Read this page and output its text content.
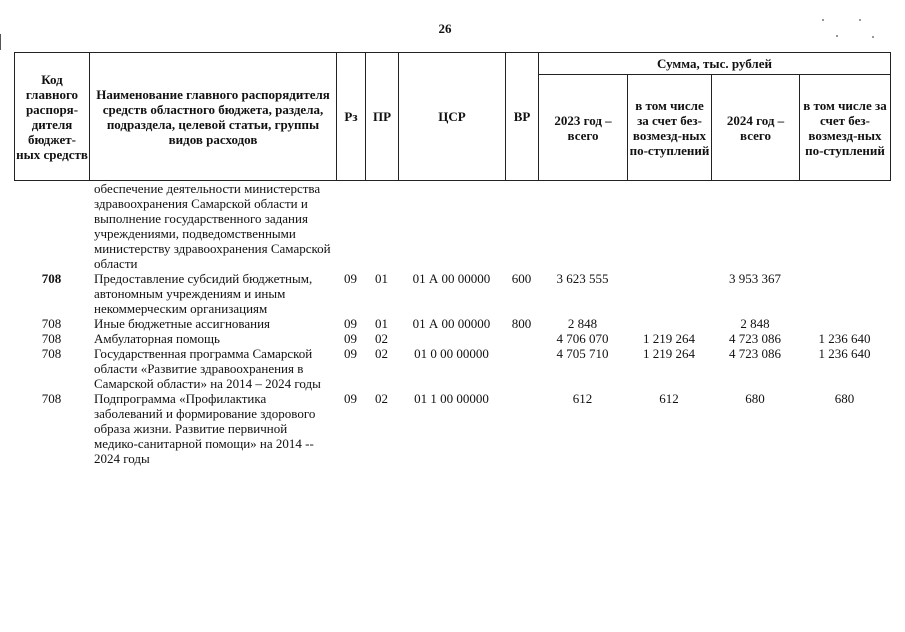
26
Код главного распоря-дителя бюджет-ных средств	Наименование главного распорядителя средств областного бюджета, раздела, подраздела, целевой статьи, группы видов расходов	Рз	ПР	ЦСР	ВР	Сумма, тыс. рублей			
						2023 год – всего	в том числе за счет без-возмезд-ных по-ступлений	2024 год – всего	в том числе за счет без-возмезд-ных по-ступлений
	обеспечение деятельности министерства здравоохранения Самарской области и выполнение государственного задания учреждениями, подведомственными министерству здравоохранения Самарской области								
708	Предоставление субсидий бюджетным, автономным учреждениям и иным некоммерческим организациям	09	01	01 А 00 00000	600	3 623 555		3 953 367	
708	Иные бюджетные ассигнования	09	01	01 А 00 00000	800	2 848		2 848	
708	Амбулаторная помощь	09	02			4 706 070	1 219 264	4 723 086	1 236 640
708	Государственная программа Самарской области «Развитие здравоохранения в Самарской области» на 2014 – 2024 годы	09	02	01 0 00 00000		4 705 710	1 219 264	4 723 086	1 236 640
708	Подпрограмма «Профилактика заболеваний и формирование здорового образа жизни. Развитие первичной медико-санитарной помощи» на 2014 -- 2024 годы	09	02	01 1 00 00000		612	612	680	680
